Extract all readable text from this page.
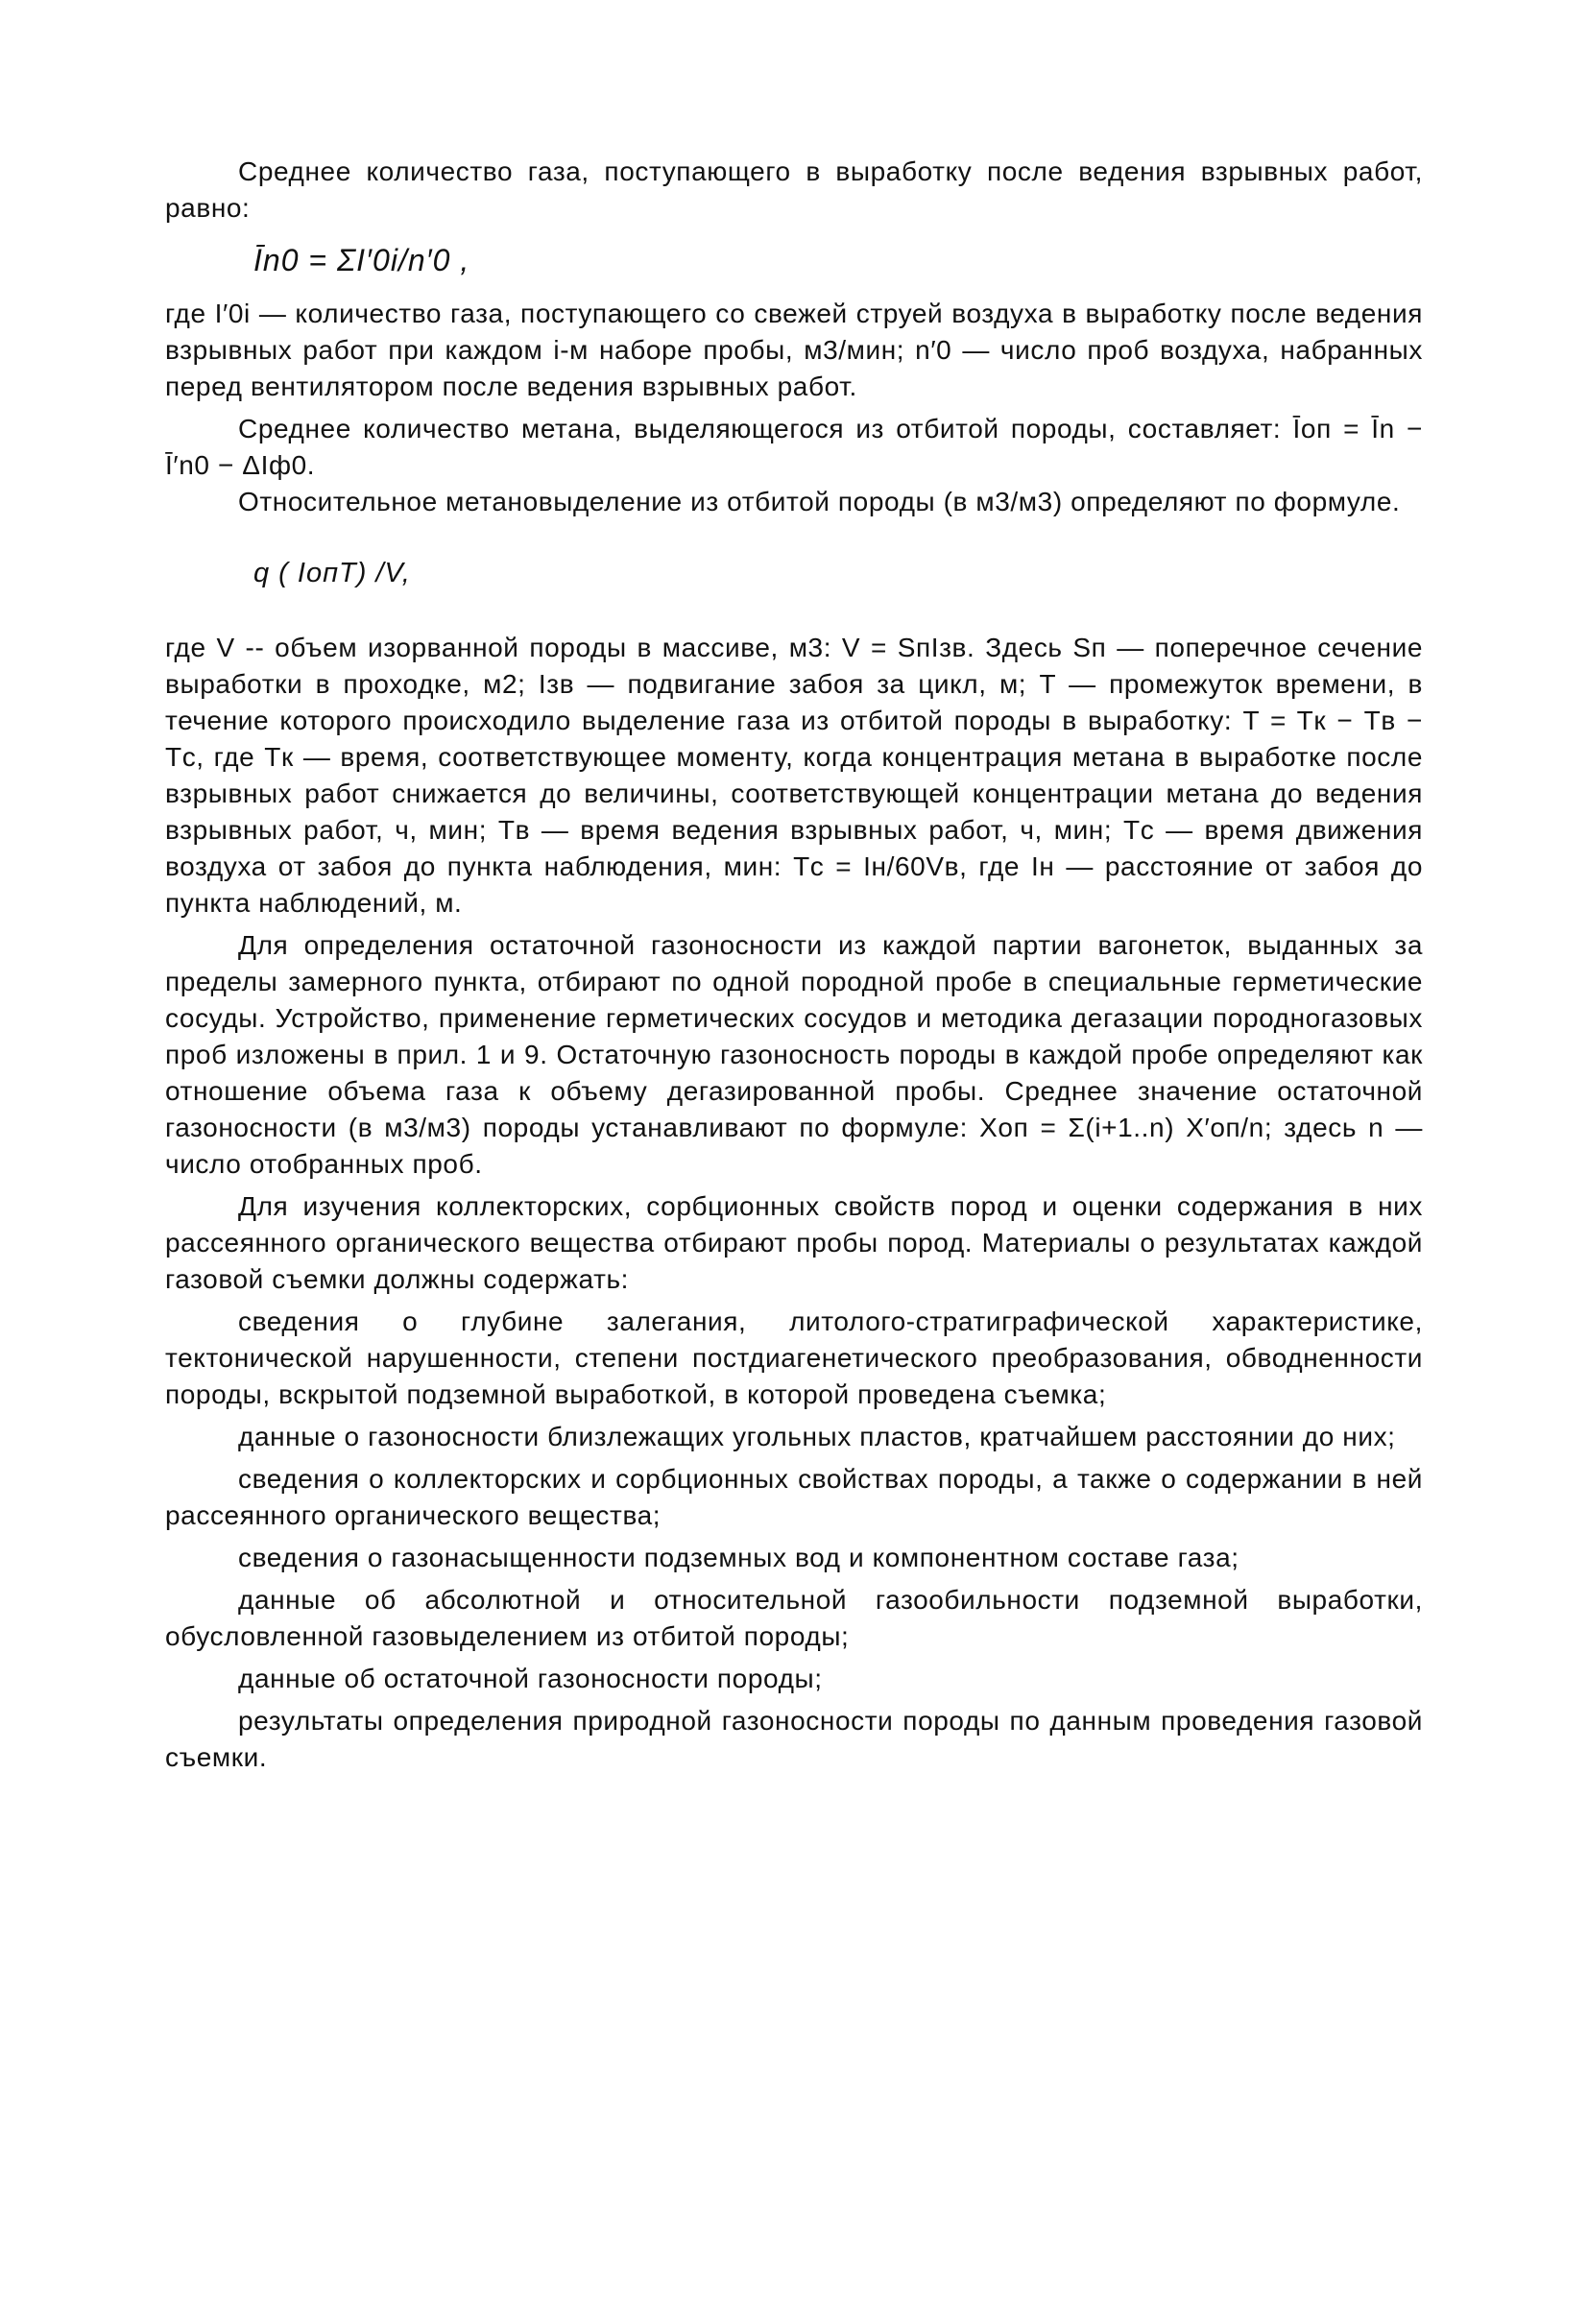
Среднее количество газа, поступающего в выработку после ведения взрывных работ, равно:

Īn0 = ΣI′0i/n′0 ,

где I′0i — количество газа, поступающего со свежей струей воздуха в выработку после ведения взрывных работ при каждом i-м наборе пробы, м3/мин; n′0 — число проб воздуха, набранных перед вентилятором после ведения взрывных работ.

Среднее количество метана, выделяющегося из отбитой породы, составляет: Īоп = Īn − Ī′n0 − ΔIф0.

Относительное метановыделение из отбитой породы (в м3/м3) определяют по формуле.

q ( IопT) /V,

где V -- объем изорванной породы в массиве, м3: V = SпIзв. Здесь Sп — поперечное сечение выработки в проходке, м2; Iзв — подвигание забоя за цикл, м; T — промежуток времени, в течение которого происходило выделение газа из отбитой породы в выработку: T = Tк − Tв − Tс, где Tк — время, соответствующее моменту, когда концентрация метана в выработке после взрывных работ снижается до величины, соответствующей концентрации метана до ведения взрывных работ, ч, мин; Tв — время ведения взрывных работ, ч, мин; Tс — время движения воздуха от забоя до пункта наблюдения, мин: Tс = Iн/60Vв, где Iн — расстояние от забоя до пункта наблюдений, м.

Для определения остаточной газоносности из каждой партии вагонеток, выданных за пределы замерного пункта, отбирают по одной породной пробе в специальные герметические сосуды. Устройство, применение герметических сосудов и методика дегазации породногазовых проб изложены в прил. 1 и 9. Остаточную газоносность породы в каждой пробе определяют как отношение объема газа к объему дегазированной пробы. Среднее значение остаточной газоносности (в м3/м3) породы устанавливают по формуле: Xоп = Σ(i+1..n) X′оп/n; здесь n — число отобранных проб.

Для изучения коллекторских, сорбционных свойств пород и оценки содержания в них рассеянного органического вещества отбирают пробы пород. Материалы о результатах каждой газовой съемки должны содержать:

сведения о глубине залегания, литолого-стратиграфической характеристике, тектонической нарушенности, степени постдиагенетического преобразования, обводненности породы, вскрытой подземной выработкой, в которой проведена съемка;

данные о газоносности близлежащих угольных пластов, кратчайшем расстоянии до них;

сведения о коллекторских и сорбционных свойствах породы, а также о содержании в ней рассеянного органического вещества;

сведения о газонасыщенности подземных вод и компонентном составе газа;

данные об абсолютной и относительной газообильности подземной выработки, обусловленной газовыделением из отбитой породы;

данные об остаточной газоносности породы;

результаты определения природной газоносности породы по данным проведения газовой съемки.
